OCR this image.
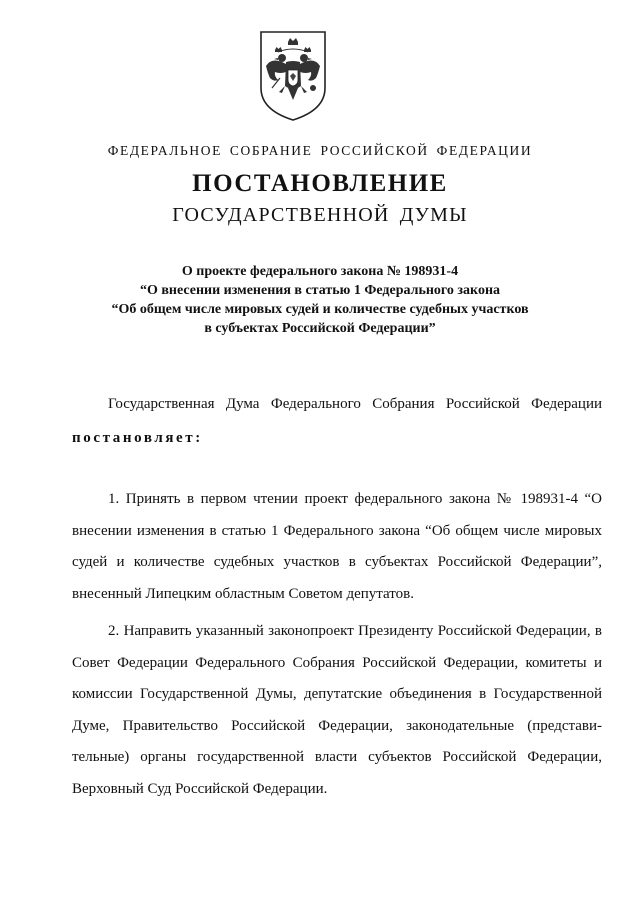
ФЕДЕРАЛЬНОЕ СОБРАНИЕ РОССИЙСКОЙ ФЕДЕРАЦИИ
ПОСТАНОВЛЕНИЕ
ГОСУДАРСТВЕННОЙ ДУМЫ
О проекте федерального закона № 198931-4
“О внесении изменения в статью 1 Федерального закона
“Об общем числе мировых судей и количестве судебных участков
в субъектах Российской Федерации”
Государственная Дума Федерального Собрания Российской Федерации
постановляет:

1. Принять в первом чтении проект федерального закона № 198931-4 “О внесении изменения в статью 1 Федерального закона “Об общем числе мировых судей и количестве судебных участков в субъектах Российской Федерации”, внесенный Липецким областным Советом депутатов.

2. Направить указанный законопроект Президенту Российской Федерации, в Совет Федерации Федерального Собрания Российской Федерации, комитеты и комиссии Государственной Думы, депутатские объединения в Государственной Думе, Правительство Российской Федерации, законодательные (представи-тельные) органы государственной власти субъектов Российской Федерации, Верховный Суд Российской Федерации.
